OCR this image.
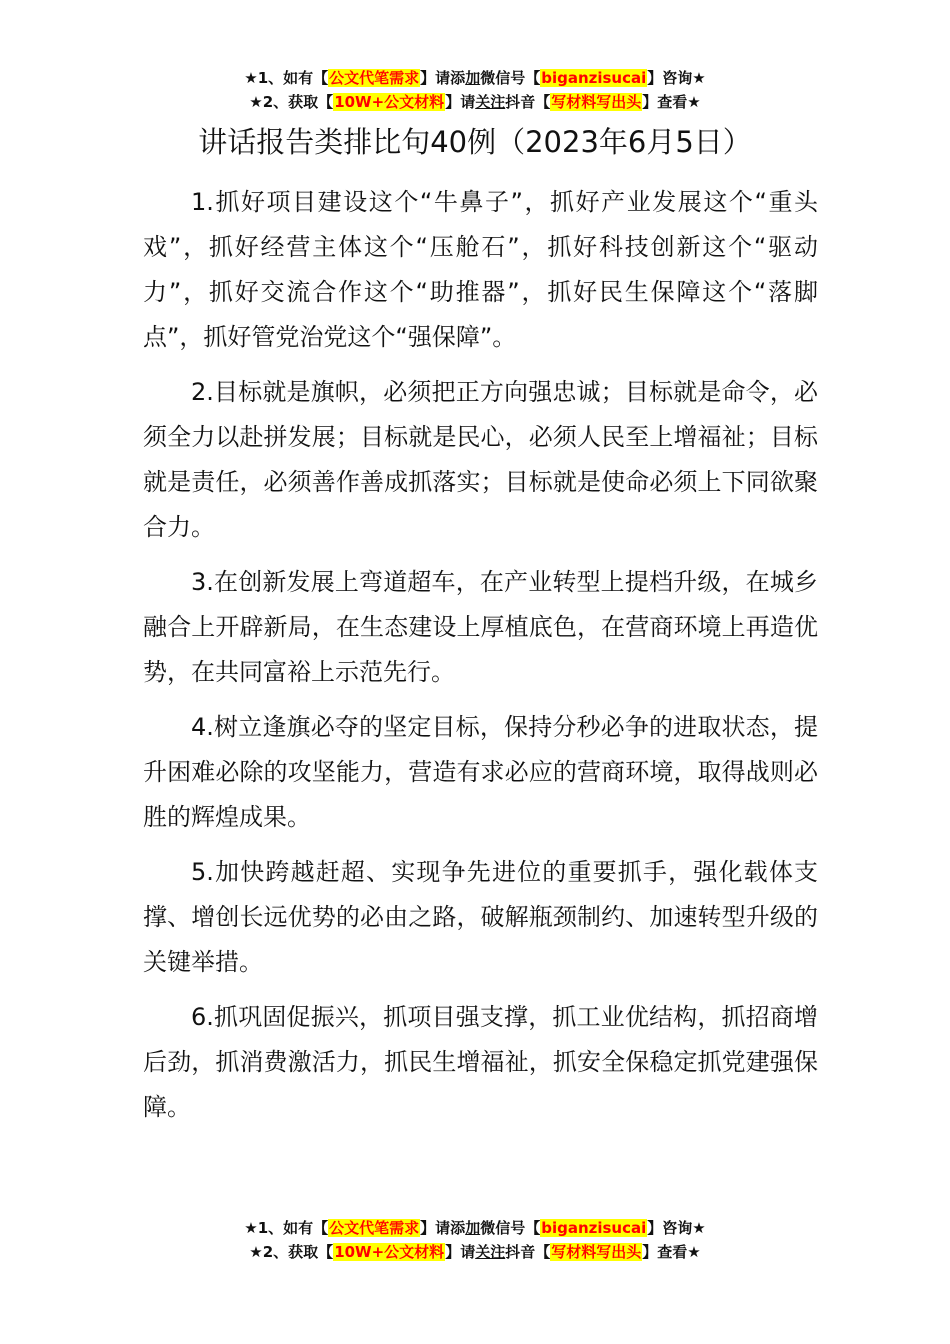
★1、如有【公文代笔需求】请添加微信号【biganzisucai】咨询★
★2、获取【10W+公文材料】请关注抖音【写材料写出头】查看★
讲话报告类排比句40例（2023年6月5日）

1.抓好项目建设这个“牛鼻子”，抓好产业发展这个“重头戏”，抓好经营主体这个“压舱石”，抓好科技创新这个“驱动力”，抓好交流合作这个“助推器”，抓好民生保障这个“落脚点”，抓好管党治党这个“强保障”。

2.目标就是旗帜，必须把正方向强忠诚；目标就是命令，必须全力以赴拼发展；目标就是民心，必须人民至上增福祉；目标就是责任，必须善作善成抓落实；目标就是使命必须上下同欲聚合力。

3.在创新发展上弯道超车，在产业转型上提档升级，在城乡融合上开辟新局，在生态建设上厚植底色，在营商环境上再造优势，在共同富裕上示范先行。

4.树立逢旗必夺的坚定目标，保持分秒必争的进取状态，提升困难必除的攻坚能力，营造有求必应的营商环境，取得战则必胜的辉煌成果。

5.加快跨越赶超、实现争先进位的重要抓手，强化载体支撑、增创长远优势的必由之路，破解瓶颈制约、加速转型升级的关键举措。

6.抓巩固促振兴，抓项目强支撑，抓工业优结构，抓招商增后劲，抓消费激活力，抓民生增福祉，抓安全保稳定抓党建强保障。

★1、如有【公文代笔需求】请添加微信号【biganzisucai】咨询★
★2、获取【10W+公文材料】请关注抖音【写材料写出头】查看★
